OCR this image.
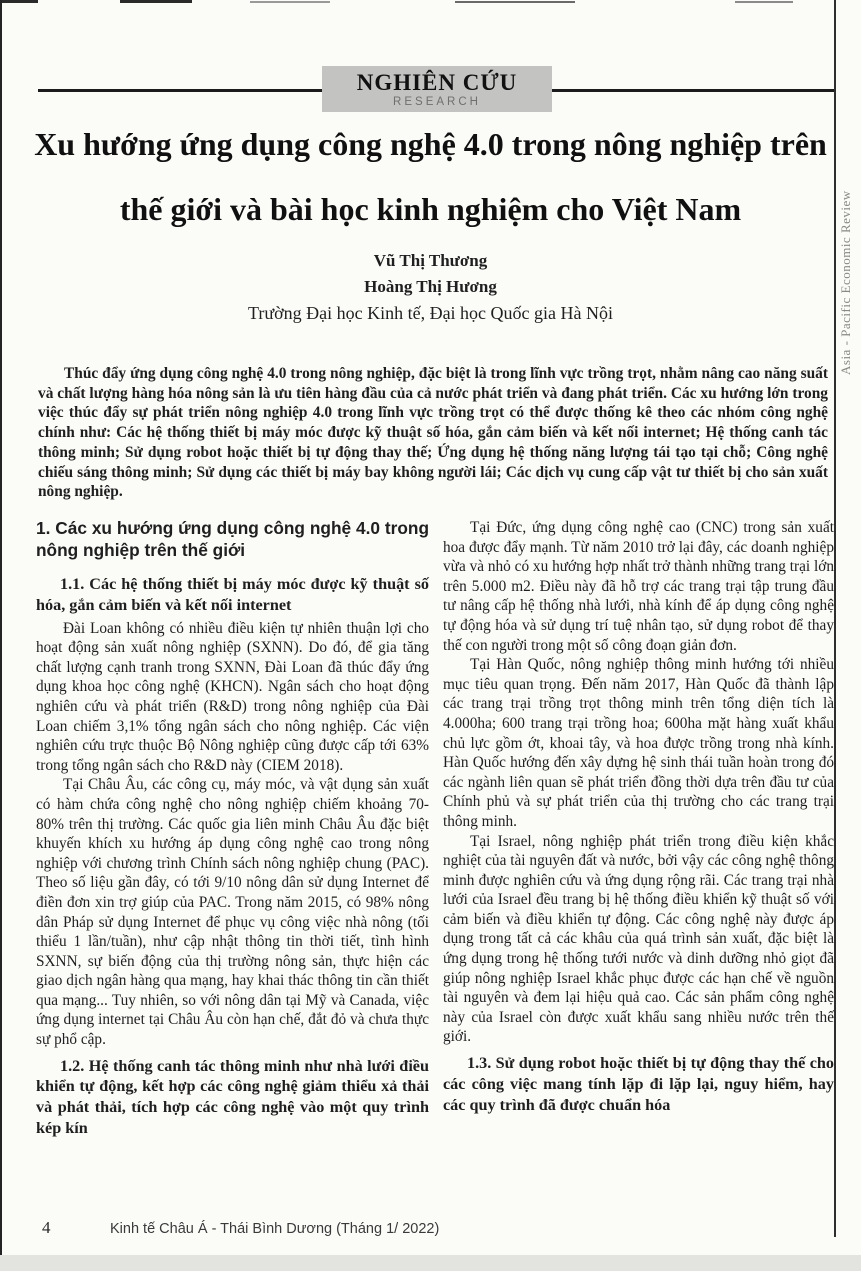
NGHIÊN CỨU
RESEARCH
Xu hướng ứng dụng công nghệ 4.0 trong nông nghiệp trên thế giới và bài học kinh nghiệm cho Việt Nam
Vũ Thị Thương
Hoàng Thị Hương
Trường Đại học Kinh tế, Đại học Quốc gia Hà Nội
Thúc đẩy ứng dụng công nghệ 4.0 trong nông nghiệp, đặc biệt là trong lĩnh vực trồng trọt, nhằm nâng cao năng suất và chất lượng hàng hóa nông sản là ưu tiên hàng đầu của cả nước phát triển và đang phát triển. Các xu hướng lớn trong việc thúc đẩy sự phát triển nông nghiệp 4.0 trong lĩnh vực trồng trọt có thể được thống kê theo các nhóm công nghệ chính như: Các hệ thống thiết bị máy móc được kỹ thuật số hóa, gắn cảm biến và kết nối internet; Hệ thống canh tác thông minh; Sử dụng robot hoặc thiết bị tự động thay thế; Ứng dụng hệ thống năng lượng tái tạo tại chỗ; Công nghệ chiếu sáng thông minh; Sử dụng các thiết bị máy bay không người lái; Các dịch vụ cung cấp vật tư thiết bị cho sản xuất nông nghiệp.
1. Các xu hướng ứng dụng công nghệ 4.0 trong nông nghiệp trên thế giới
1.1. Các hệ thống thiết bị máy móc được kỹ thuật số hóa, gắn cảm biến và kết nối internet

Đài Loan không có nhiều điều kiện tự nhiên thuận lợi cho hoạt động sản xuất nông nghiệp (SXNN). Do đó, để gia tăng chất lượng cạnh tranh trong SXNN, Đài Loan đã thúc đẩy ứng dụng khoa học công nghệ (KHCN). Ngân sách cho hoạt động nghiên cứu và phát triển (R&D) trong nông nghiệp của Đài Loan chiếm 3,1% tổng ngân sách cho nông nghiệp. Các viện nghiên cứu trực thuộc Bộ Nông nghiệp cũng được cấp tới 63% trong tổng ngân sách cho R&D này (CIEM 2018).

Tại Châu Âu, các công cụ, máy móc, và vật dụng sản xuất có hàm chứa công nghệ cho nông nghiệp chiếm khoảng 70-80% trên thị trường. Các quốc gia liên minh Châu Âu đặc biệt khuyến khích xu hướng áp dụng công nghệ cao trong nông nghiệp với chương trình Chính sách nông nghiệp chung (PAC). Theo số liệu gần đây, có tới 9/10 nông dân sử dụng Internet để điền đơn xin trợ giúp của PAC. Trong năm 2015, có 98% nông dân Pháp sử dụng Internet để phục vụ công việc nhà nông (tối thiểu 1 lần/tuần), như cập nhật thông tin thời tiết, tình hình SXNN, sự biến động của thị trường nông sản, thực hiện các giao dịch ngân hàng qua mạng, hay khai thác thông tin cần thiết qua mạng... Tuy nhiên, so với nông dân tại Mỹ và Canada, việc ứng dụng internet tại Châu Âu còn hạn chế, đắt đỏ và chưa thực sự phổ cập.

1.2. Hệ thống canh tác thông minh như nhà lưới điều khiển tự động, kết hợp các công nghệ giảm thiểu xả thải và phát thải, tích hợp các công nghệ vào một quy trình kép kín

Tại Đức, ứng dụng công nghệ cao (CNC) trong sản xuất hoa được đẩy mạnh. Từ năm 2010 trở lại đây, các doanh nghiệp vừa và nhỏ có xu hướng hợp nhất trở thành những trang trại lớn trên 5.000 m2. Điều này đã hỗ trợ các trang trại tập trung đầu tư nâng cấp hệ thống nhà lưới, nhà kính để áp dụng công nghệ tự động hóa và sử dụng trí tuệ nhân tạo, sử dụng robot để thay thế con người trong một số công đoạn giản đơn.

Tại Hàn Quốc, nông nghiệp thông minh hướng tới nhiều mục tiêu quan trọng. Đến năm 2017, Hàn Quốc đã thành lập các trang trại trồng trọt thông minh trên tổng diện tích là 4.000ha; 600 trang trại trồng hoa; 600ha mặt hàng xuất khẩu chủ lực gồm ớt, khoai tây, và hoa được trồng trong nhà kính. Hàn Quốc hướng đến xây dựng hệ sinh thái tuần hoàn trong đó các ngành liên quan sẽ phát triển đồng thời dựa trên đầu tư của Chính phủ và sự phát triển của thị trường cho các trang trại thông minh.

Tại Israel, nông nghiệp phát triển trong điều kiện khắc nghiệt của tài nguyên đất và nước, bởi vậy các công nghệ thông minh được nghiên cứu và ứng dụng rộng rãi. Các trang trại nhà lưới của Israel đều trang bị hệ thống điều khiển kỹ thuật số với cảm biến và điều khiển tự động. Các công nghệ này được áp dụng trong tất cả các khâu của quá trình sản xuất, đặc biệt là ứng dụng trong hệ thống tưới nước và dinh dưỡng nhỏ giọt đã giúp nông nghiệp Israel khắc phục được các hạn chế về nguồn tài nguyên và đem lại hiệu quả cao. Các sản phẩm công nghệ này của Israel còn được xuất khẩu sang nhiều nước trên thế giới.

1.3. Sử dụng robot hoặc thiết bị tự động thay thế cho các công việc mang tính lặp đi lặp lại, nguy hiểm, hay các quy trình đã được chuẩn hóa
Asia - Pacific Economic Review
4	Kinh tế Châu Á - Thái Bình Dương (Tháng 1/ 2022)
